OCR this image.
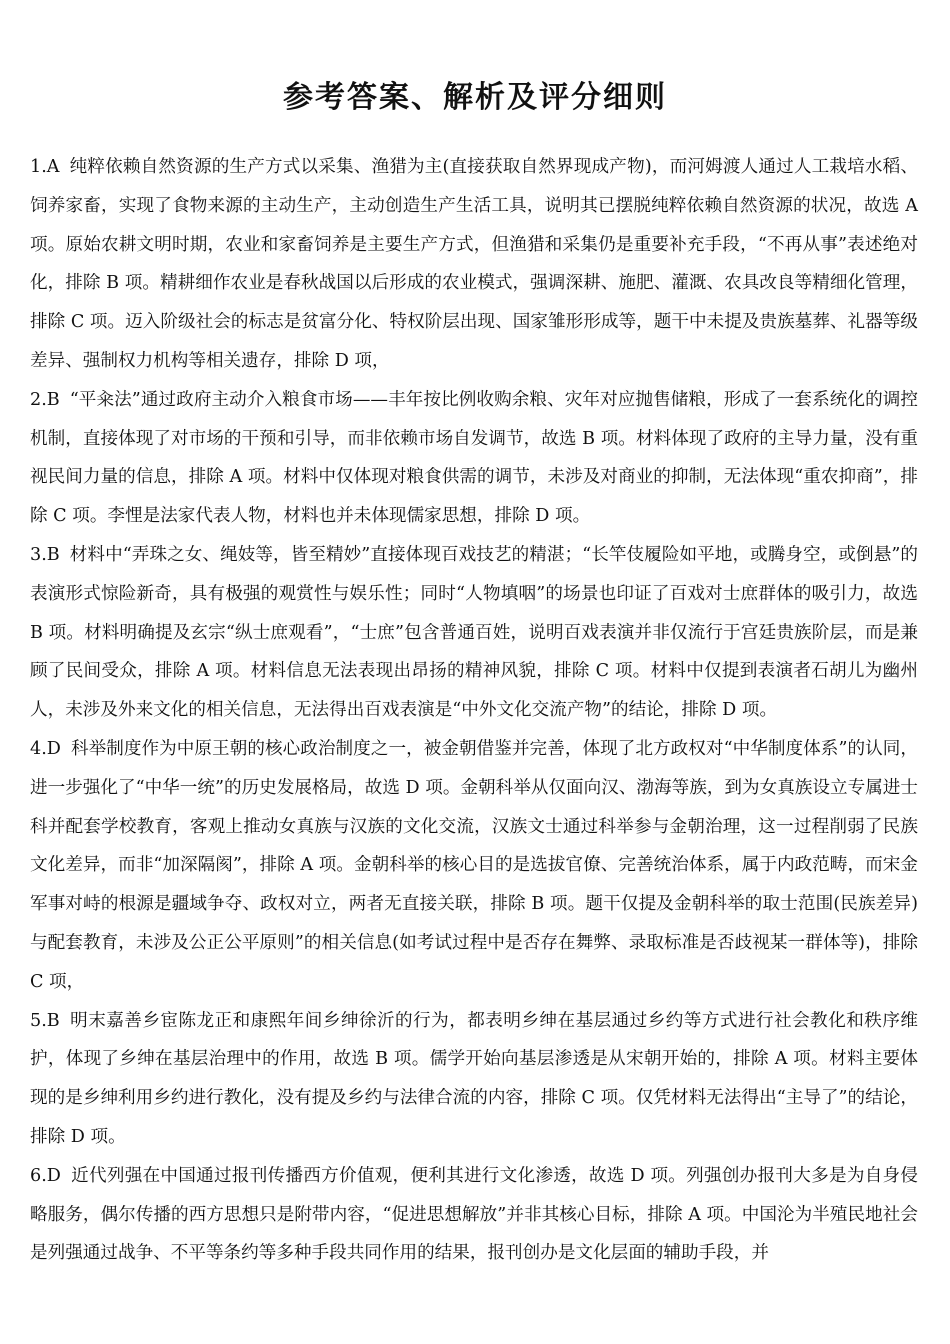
参考答案、解析及评分细则

1.A 纯粹依赖自然资源的生产方式以采集、渔猎为主(直接获取自然界现成产物)，而河姆渡人通过人工栽培水稻、饲养家畜，实现了食物来源的主动生产，主动创造生产生活工具，说明其已摆脱纯粹依赖自然资源的状况，故选 A 项。原始农耕文明时期，农业和家畜饲养是主要生产方式，但渔猎和采集仍是重要补充手段，“不再从事”表述绝对化，排除 B 项。精耕细作农业是春秋战国以后形成的农业模式，强调深耕、施肥、灌溉、农具改良等精细化管理，排除 C 项。迈入阶级社会的标志是贫富分化、特权阶层出现、国家雏形形成等，题干中未提及贵族墓葬、礼器等级差异、强制权力机构等相关遗存，排除 D 项，

2.B “平籴法”通过政府主动介入粮食市场——丰年按比例收购余粮、灾年对应抛售储粮，形成了一套系统化的调控机制，直接体现了对市场的干预和引导，而非依赖市场自发调节，故选 B 项。材料体现了政府的主导力量，没有重视民间力量的信息，排除 A 项。材料中仅体现对粮食供需的调节，未涉及对商业的抑制，无法体现“重农抑商”，排除 C 项。李悝是法家代表人物，材料也并未体现儒家思想，排除 D 项。

3.B 材料中“弄珠之女、绳妓等，皆至精妙”直接体现百戏技艺的精湛；“长竿伎履险如平地，或腾身空，或倒悬”的表演形式惊险新奇，具有极强的观赏性与娱乐性；同时“人物填咽”的场景也印证了百戏对士庶群体的吸引力，故选 B 项。材料明确提及玄宗“纵士庶观看”，“士庶”包含普通百姓，说明百戏表演并非仅流行于宫廷贵族阶层，而是兼顾了民间受众，排除 A 项。材料信息无法表现出昂扬的精神风貌，排除 C 项。材料中仅提到表演者石胡儿为幽州人，未涉及外来文化的相关信息，无法得出百戏表演是“中外文化交流产物”的结论，排除 D 项。

4.D 科举制度作为中原王朝的核心政治制度之一，被金朝借鉴并完善，体现了北方政权对“中华制度体系”的认同，进一步强化了“中华一统”的历史发展格局，故选 D 项。金朝科举从仅面向汉、渤海等族，到为女真族设立专属进士科并配套学校教育，客观上推动女真族与汉族的文化交流，汉族文士通过科举参与金朝治理，这一过程削弱了民族文化差异，而非“加深隔阂”，排除 A 项。金朝科举的核心目的是选拔官僚、完善统治体系，属于内政范畴，而宋金军事对峙的根源是疆域争夺、政权对立，两者无直接关联，排除 B 项。题干仅提及金朝科举的取士范围(民族差异)与配套教育，未涉及公正公平原则”的相关信息(如考试过程中是否存在舞弊、录取标准是否歧视某一群体等)，排除 C 项，

5.B 明末嘉善乡宦陈龙正和康熙年间乡绅徐沂的行为，都表明乡绅在基层通过乡约等方式进行社会教化和秩序维护，体现了乡绅在基层治理中的作用，故选 B 项。儒学开始向基层渗透是从宋朝开始的，排除 A 项。材料主要体现的是乡绅利用乡约进行教化，没有提及乡约与法律合流的内容，排除 C 项。仅凭材料无法得出“主导了”的结论，排除 D 项。

6.D 近代列强在中国通过报刊传播西方价值观，便利其进行文化渗透，故选 D 项。列强创办报刊大多是为自身侵略服务，偶尔传播的西方思想只是附带内容，“促进思想解放”并非其核心目标，排除 A 项。中国沦为半殖民地社会是列强通过战争、不平等条约等多种手段共同作用的结果，报刊创办是文化层面的辅助手段，并
